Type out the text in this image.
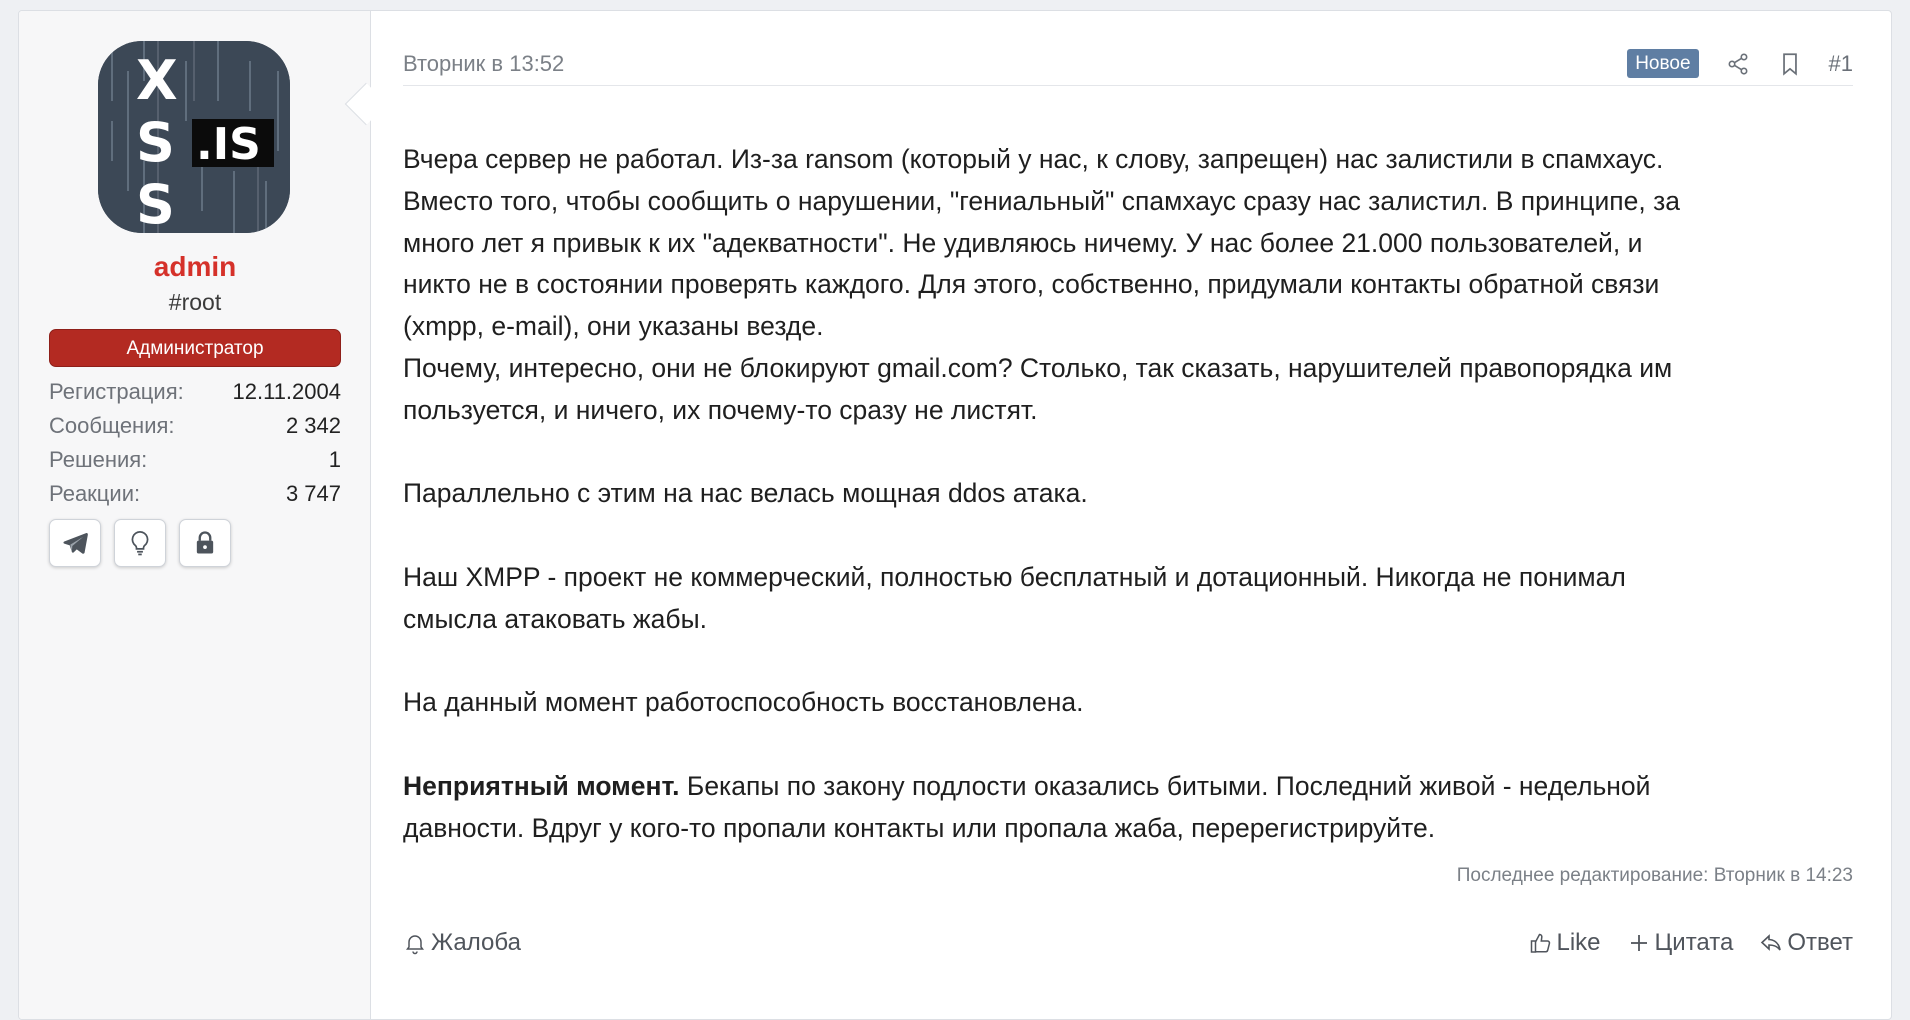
X
S
S
.IS
admin
#root
Администратор
Регистрация: 12.11.2004
Сообщения:	2 342
Решения:	1
Реакции:	3 747
Вторник в 13:52	Новое	#1

Вчера сервер не работал. Из-за ransom (который у нас, к слову, запрещен) нас залистили в спамхаус.

Вместо того, чтобы сообщить о нарушении, "гениальный" спамхаус сразу нас залистил. В принципе, за

много лет я привык к их "адекватности". Не удивляюсь ничему. У нас более 21.000 пользователей, и

никто не в состоянии проверять каждого. Для этого, собственно, придумали контакты обратной связи

(xmpp, e-mail), они указаны везде.

Почему, интересно, они не блокируют gmail.com? Столько, так сказать, нарушителей правопорядка им

пользуется, и ничего, их почему-то сразу не листят.

Параллельно с этим на нас велась мощная ddos атака.

Наш XMPP - проект не коммерческий, полностью бесплатный и дотационный. Никогда не понимал

смысла атаковать жабы.

На данный момент работоспособность восстановлена.

Неприятный момент. Бекапы по закону подлости оказались битыми. Последний живой - недельной

давности. Вдруг у кого-то пропали контакты или пропала жаба, перерегистрируйте.

Последнее редактирование: Вторник в 14:23
Жалоба	Like Цитата Ответ
